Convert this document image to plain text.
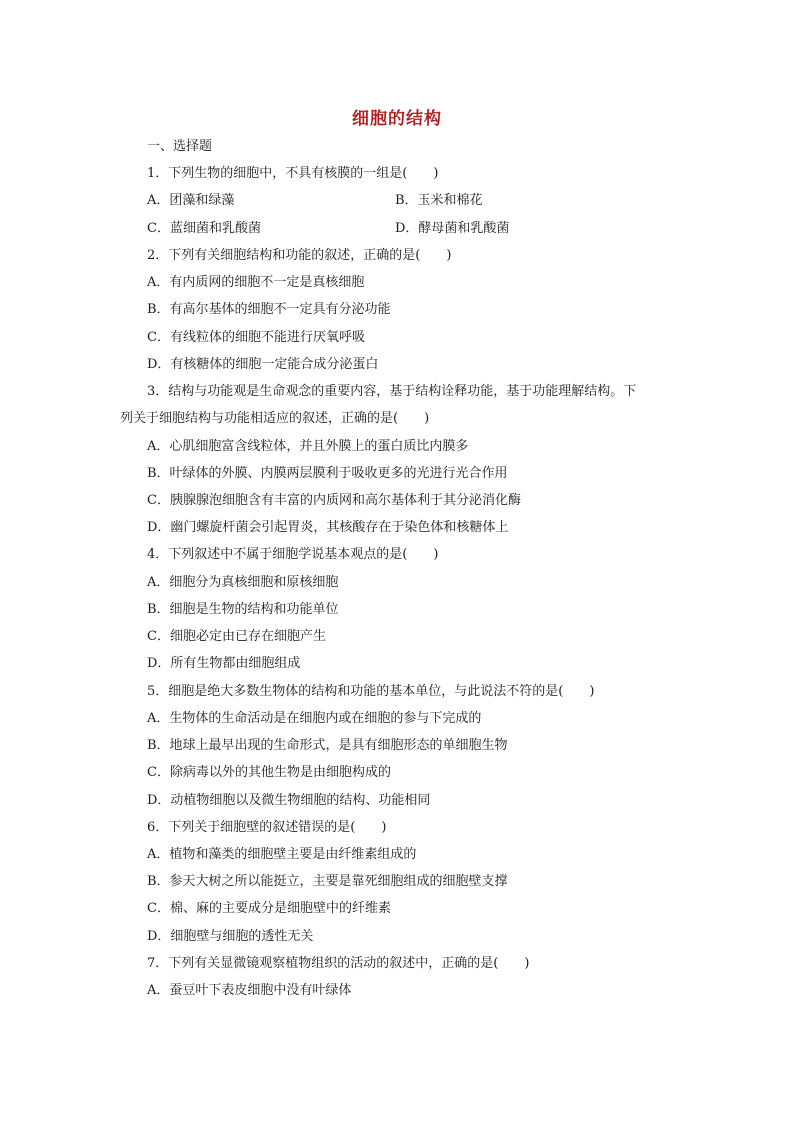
细胞的结构
一、选择题
1．下列生物的细胞中，不具有核膜的一组是(　　)
A．团藻和绿藻	B．玉米和棉花
C．蓝细菌和乳酸菌	D．酵母菌和乳酸菌
2．下列有关细胞结构和功能的叙述，正确的是(　　)
A．有内质网的细胞不一定是真核细胞
B．有高尔基体的细胞不一定具有分泌功能
C．有线粒体的细胞不能进行厌氧呼吸
D．有核糖体的细胞一定能合成分泌蛋白
3．结构与功能观是生命观念的重要内容，基于结构诠释功能，基于功能理解结构。下
列关于细胞结构与功能相适应的叙述，正确的是(　　)
A．心肌细胞富含线粒体，并且外膜上的蛋白质比内膜多
B．叶绿体的外膜、内膜两层膜利于吸收更多的光进行光合作用
C．胰腺腺泡细胞含有丰富的内质网和高尔基体利于其分泌消化酶
D．幽门螺旋杆菌会引起胃炎，其核酸存在于染色体和核糖体上
4．下列叙述中不属于细胞学说基本观点的是(　　)
A．细胞分为真核细胞和原核细胞
B．细胞是生物的结构和功能单位
C．细胞必定由已存在细胞产生
D．所有生物都由细胞组成
5．细胞是绝大多数生物体的结构和功能的基本单位，与此说法不符的是(　　)
A．生物体的生命活动是在细胞内或在细胞的参与下完成的
B．地球上最早出现的生命形式，是具有细胞形态的单细胞生物
C．除病毒以外的其他生物是由细胞构成的
D．动植物细胞以及微生物细胞的结构、功能相同
6．下列关于细胞壁的叙述错误的是(　　)
A．植物和藻类的细胞壁主要是由纤维素组成的
B．参天大树之所以能挺立，主要是靠死细胞组成的细胞壁支撑
C．棉、麻的主要成分是细胞壁中的纤维素
D．细胞壁与细胞的透性无关
7．下列有关显微镜观察植物组织的活动的叙述中，正确的是(　　)
A．蚕豆叶下表皮细胞中没有叶绿体
